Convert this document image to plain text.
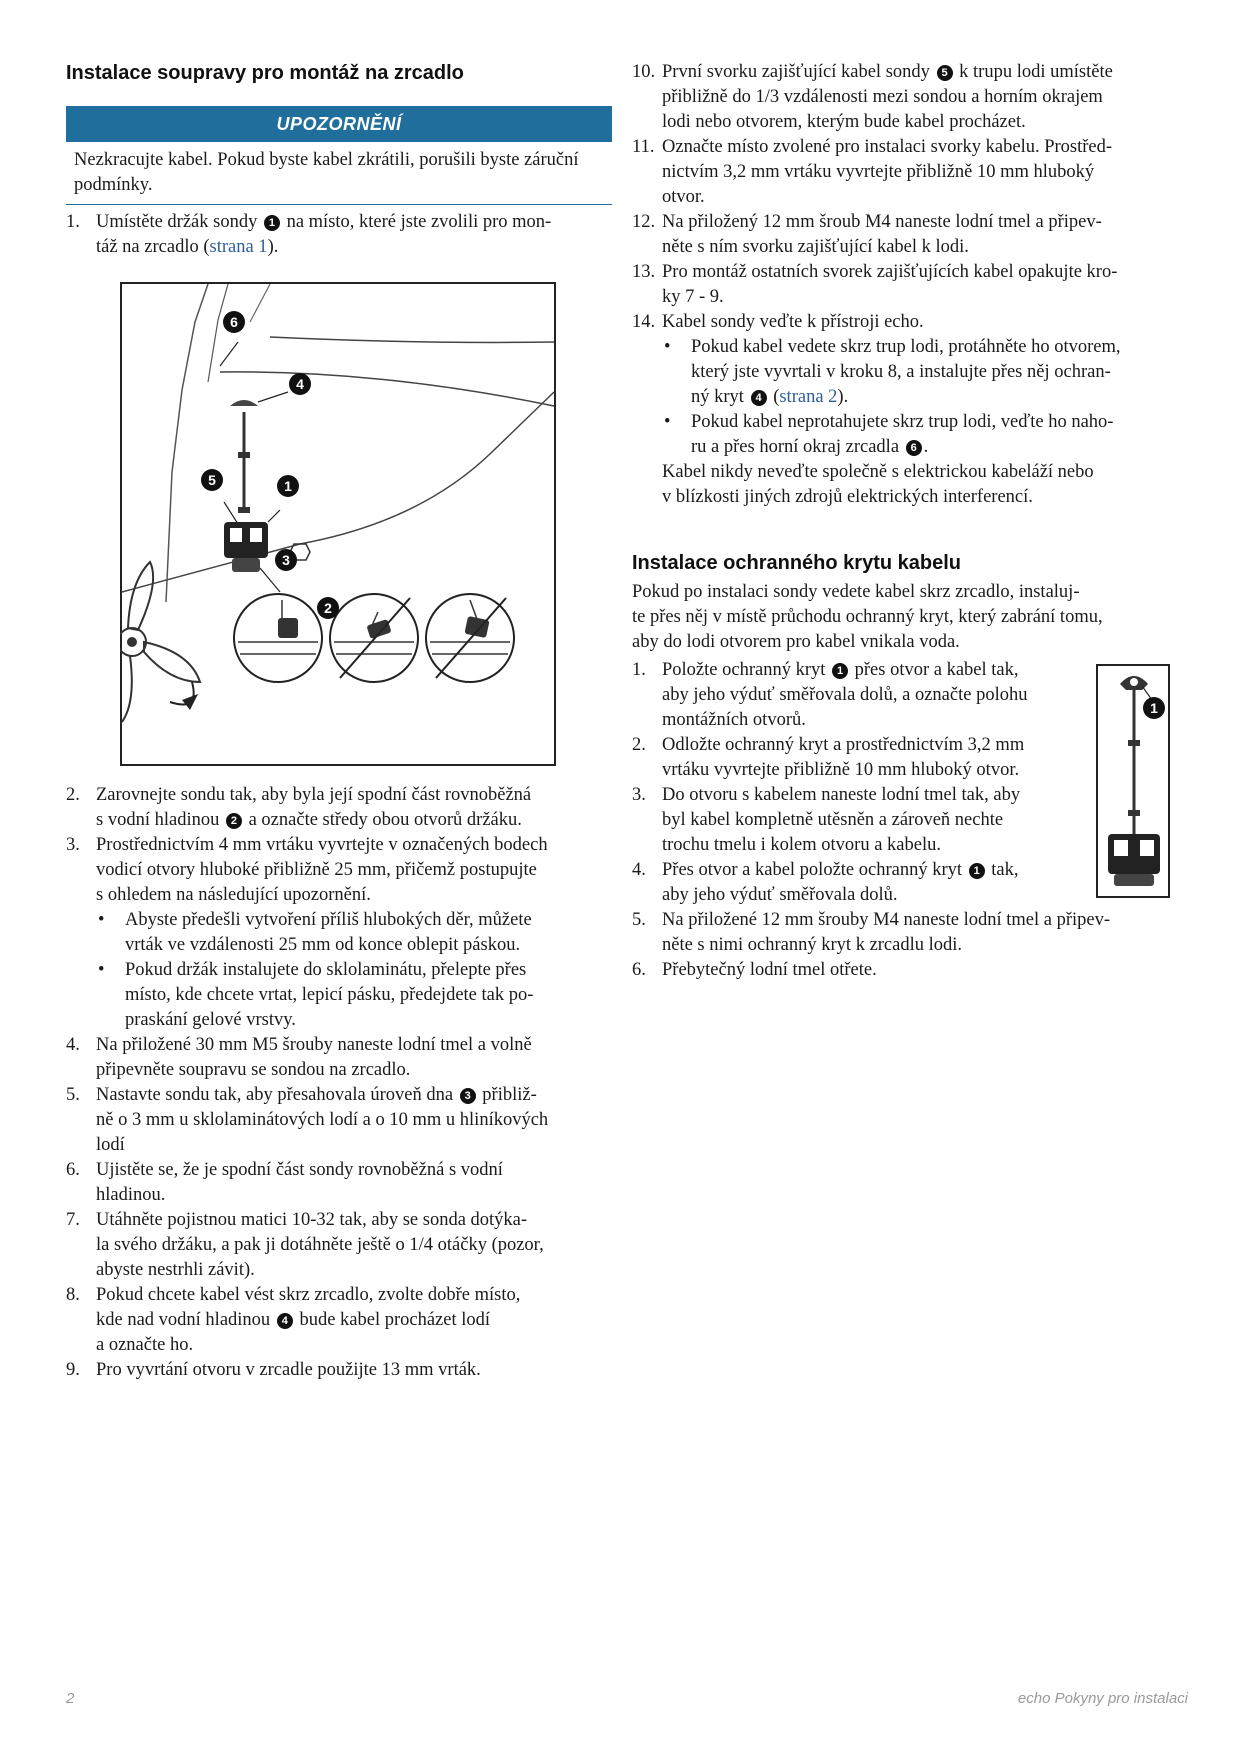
Instalace soupravy pro montáž na zrcadlo
UPOZORNĚNÍ
Nezkracujte kabel. Pokud byste kabel zkrátili, porušili byste záruční podmínky.
1. Umístěte držák sondy 1 na místo, které jste zvolili pro mon-
táž na zrcadlo (strana 1).
6
4
5	1
3
2
2. Zarovnejte sondu tak, aby byla její spodní část rovnoběžná
s vodní hladinou 2 a označte středy obou otvorů držáku.
3. Prostřednictvím 4 mm vrtáku vyvrtejte v označených bodech
vodicí otvory hluboké přibližně 25 mm, přičemž postupujte
s ohledem na následující upozornění.
• Abyste předešli vytvoření příliš hlubokých děr, můžete
vrták ve vzdálenosti 25 mm od konce oblepit páskou.
• Pokud držák instalujete do sklolaminátu, přelepte přes
místo, kde chcete vrtat, lepicí pásku, předejdete tak po-
praskání gelové vrstvy.
4. Na přiložené 30 mm M5 šrouby naneste lodní tmel a volně
připevněte soupravu se sondou na zrcadlo.
5. Nastavte sondu tak, aby přesahovala úroveň dna 3 přibliž-
ně o 3 mm u sklolaminátových lodí a o 10 mm u hliníkových
lodí
6. Ujistěte se, že je spodní část sondy rovnoběžná s vodní
hladinou.
7. Utáhněte pojistnou matici 10-32 tak, aby se sonda dotýka-
la svého držáku, a pak ji dotáhněte ještě o 1/4 otáčky (pozor,
abyste nestrhli závit).
8. Pokud chcete kabel vést skrz zrcadlo, zvolte dobře místo,
kde nad vodní hladinou 4 bude kabel procházet lodí
a označte ho.
9. Pro vyvrtání otvoru v zrcadle použijte 13 mm vrták.
10. První svorku zajišťující kabel sondy 5 k trupu lodi umístěte
přibližně do 1/3 vzdálenosti mezi sondou a horním okrajem
lodi nebo otvorem, kterým bude kabel procházet.
11. Označte místo zvolené pro instalaci svorky kabelu. Prostřed-
nictvím 3,2 mm vrtáku vyvrtejte přibližně 10 mm hluboký
otvor.
12. Na přiložený 12 mm šroub M4 naneste lodní tmel a připev-
něte s ním svorku zajišťující kabel k lodi.
13. Pro montáž ostatních svorek zajišťujících kabel opakujte kro-
ky 7 - 9.
14. Kabel sondy veďte k přístroji echo.
• Pokud kabel vedete skrz trup lodi, protáhněte ho otvorem,
který jste vyvrtali v kroku 8, a instalujte přes něj ochran-
ný kryt 4 (strana 2).
• Pokud kabel neprotahujete skrz trup lodi, veďte ho naho-
ru a přes horní okraj zrcadla 6 .
Kabel nikdy neveďte společně s elektrickou kabeláží nebo
v blízkosti jiných zdrojů elektrických interferencí.
Instalace ochranného krytu kabelu
Pokud po instalaci sondy vedete kabel skrz zrcadlo, instaluj-
te přes něj v místě průchodu ochranný kryt, který zabrání tomu,
aby do lodi otvorem pro kabel vnikala voda.
1. Položte ochranný kryt 1 přes otvor a kabel tak,
aby jeho výduť směřovala dolů, a označte polohu
montážních otvorů.
2. Odložte ochranný kryt a prostřednictvím 3,2 mm
vrtáku vyvrtejte přibližně 10 mm hluboký otvor.
3. Do otvoru s kabelem naneste lodní tmel tak, aby
byl kabel kompletně utěsněn a zároveň nechte
trochu tmelu i kolem otvoru a kabelu.
4. Přes otvor a kabel položte ochranný kryt 1 tak,
aby jeho výduť směřovala dolů.
5. Na přiložené 12 mm šrouby M4 naneste lodní tmel a připev-
něte s nimi ochranný kryt k zrcadlu lodi.
6. Přebytečný lodní tmel otřete.
1
2	echo Pokyny pro instalaci
